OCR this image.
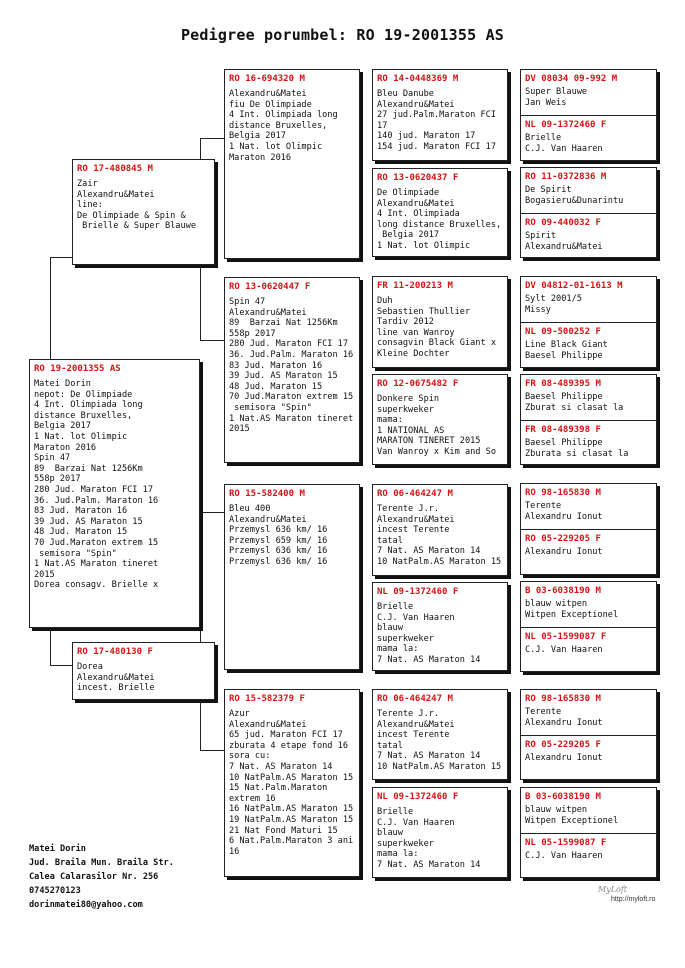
Pedigree porumbel: RO 19-2001355 AS
RO 19-2001355 AS
Matei Dorin
nepot: De Olimpiade
4 Int. Olimpiada long
distance Bruxelles,
Belgia 2017
1 Nat. lot Olimpic
Maraton 2016
Spin 47
89  Barzai Nat 1256Km
558p 2017
280 Jud. Maraton FCI 17
36. Jud.Palm. Maraton 16
83 Jud. Maraton 16
39 Jud. AS Maraton 15
48 Jud. Maraton 15
70 Jud.Maraton extrem 15
semisora "Spin"
1 Nat.AS Maraton tineret
2015
Dorea consagv. Brielle x
RO 17-480845 M
Zair
Alexandru&Matei
line:
De Olimpiade & Spin &
Brielle & Super Blauwe
RO 17-480130 F
Dorea
Alexandru&Matei
incest. Brielle
RO 16-694320 M
Alexandru&Matei
fiu De Olimpiade
4 Int. Olimpiada long
distance Bruxelles,
Belgia 2017
1 Nat. lot Olimpic
Maraton 2016
RO 13-0620447 F
Spin 47
Alexandru&Matei
89  Barzai Nat 1256Km
558p 2017
280 Jud. Maraton FCI 17
36. Jud.Palm. Maraton 16
83 Jud. Maraton 16
39 Jud. AS Maraton 15
48 Jud. Maraton 15
70 Jud.Maraton extrem 15
semisora "Spin"
1 Nat.AS Maraton tineret
2015
RO 15-582400 M
Bleu 400
Alexandru&Matei
Przemysl 636 km/ 16
Przemysl 659 km/ 16
Przemysl 636 km/ 16
Przemysl 636 km/ 16
RO 15-582379 F
Azur
Alexandru&Matei
65 jud. Maraton FCI 17
zburata 4 etape fond 16
sora cu:
7 Nat. AS Maraton 14
10 NatPalm.AS Maraton 15
15 Nat.Palm.Maraton
extrem 16
16 NatPalm.AS Maraton 15
19 NatPalm.AS Maraton 15
21 Nat Fond Maturi 15
6 Nat.Palm.Maraton 3 ani
16
RO 14-0448369 M
Bleu Danube
Alexandru&Matei
27 jud.Palm.Maraton FCI
17
140 jud. Maraton 17
154 jud. Maraton FCI 17
RO 13-0620437 F
De Olimpiade
Alexandru&Matei
4 Int. Olimpiada
long distance Bruxelles,
Belgia 2017
1 Nat. lot Olimpic
FR 11-200213 M
Duh
Sebastien Thullier
Tardiv 2012
line van Wanroy
consagvin Black Giant x
Kleine Dochter
RO 12-0675482 F
Donkere Spin
superkweker
mama:
1 NATIONAL AS
MARATON TINERET 2015
Van Wanroy x Kim and So
RO 06-464247 M
Terente J.r.
Alexandru&Matei
incest Terente
tatal
7 Nat. AS Maraton 14
10 NatPalm.AS Maraton 15
NL 09-1372460 F
Brielle
C.J. Van Haaren
blauw
superkweker
mama la:
7 Nat. AS Maraton 14
RO 06-464247 M
Terente J.r.
Alexandru&Matei
incest Terente
tatal
7 Nat. AS Maraton 14
10 NatPalm.AS Maraton 15
NL 09-1372460 F
Brielle
C.J. Van Haaren
blauw
superkweker
mama la:
7 Nat. AS Maraton 14
DV 08034 09-992 M
Super Blauwe
Jan Weis
NL 09-1372460 F
Brielle
C.J. Van Haaren
RO 11-0372836 M
De Spirit
Bogasieru&Dunarintu
RO 09-440032 F
Spirit
Alexandru&Matei
DV 04812-01-1613 M
Sylt 2001/5
Missy
NL 09-500252 F
Line Black Giant
Baesel Philippe
FR 08-489395 M
Baesel Philippe
Zburat si clasat la
FR 08-489398 F
Baesel Philippe
Zburata si clasat la
RO 98-165830 M
Terente
Alexandru Ionut
RO 05-229205 F
Alexandru Ionut
B 03-6038190 M
blauw witpen
Witpen Exceptionel
NL 05-1599087 F
C.J. Van Haaren
RO 98-165830 M
Terente
Alexandru Ionut
RO 05-229205 F
Alexandru Ionut
B 03-6038190 M
blauw witpen
Witpen Exceptionel
NL 05-1599087 F
C.J. Van Haaren
Matei Dorin
Jud. Braila Mun. Braila Str.
Calea Calarasilor Nr. 256
0745270123
dorinmatei80@yahoo.com
MyLoft
http://myloft.ro
